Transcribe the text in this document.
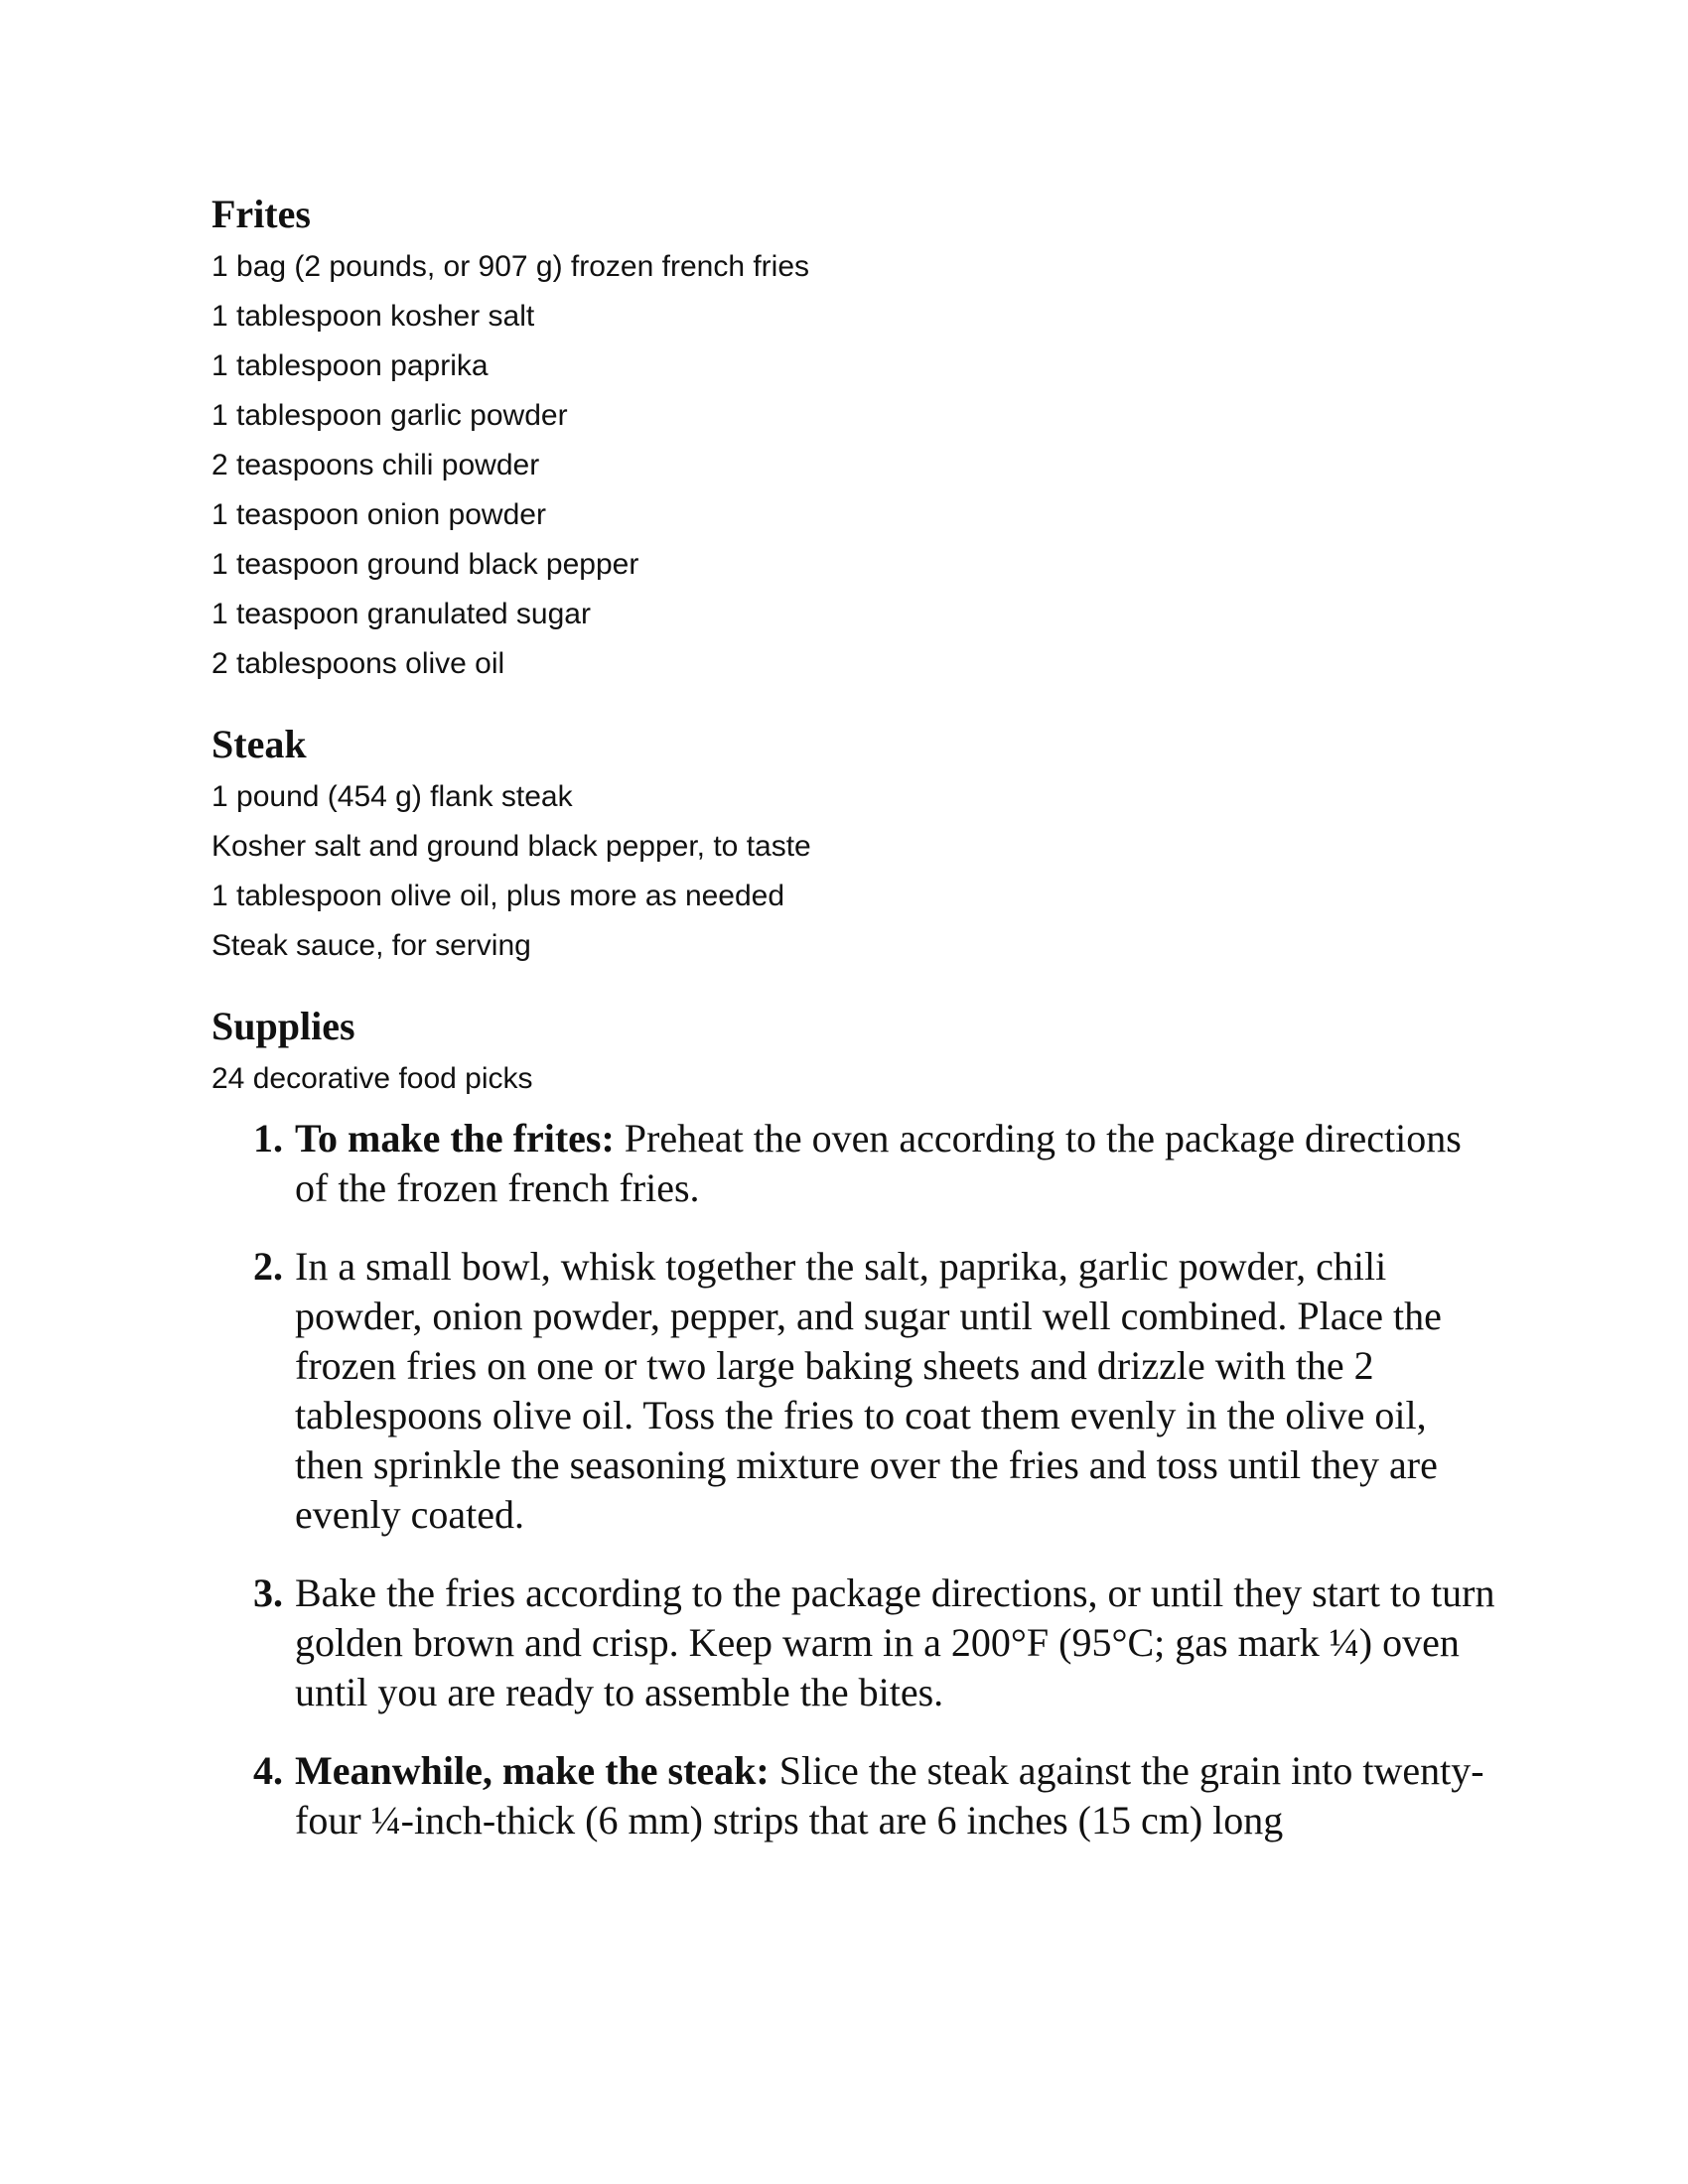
Frites
1 bag (2 pounds, or 907 g) frozen french fries
1 tablespoon kosher salt
1 tablespoon paprika
1 tablespoon garlic powder
2 teaspoons chili powder
1 teaspoon onion powder
1 teaspoon ground black pepper
1 teaspoon granulated sugar
2 tablespoons olive oil
Steak
1 pound (454 g) flank steak
Kosher salt and ground black pepper, to taste
1 tablespoon olive oil, plus more as needed
Steak sauce, for serving
Supplies
24 decorative food picks
1. To make the frites: Preheat the oven according to the package directions of the frozen french fries.
2. In a small bowl, whisk together the salt, paprika, garlic powder, chili powder, onion powder, pepper, and sugar until well combined. Place the frozen fries on one or two large baking sheets and drizzle with the 2 tablespoons olive oil. Toss the fries to coat them evenly in the olive oil, then sprinkle the seasoning mixture over the fries and toss until they are evenly coated.
3. Bake the fries according to the package directions, or until they start to turn golden brown and crisp. Keep warm in a 200°F (95°C; gas mark ¼) oven until you are ready to assemble the bites.
4. Meanwhile, make the steak: Slice the steak against the grain into twenty-four ¼-inch-thick (6 mm) strips that are 6 inches (15 cm) long
